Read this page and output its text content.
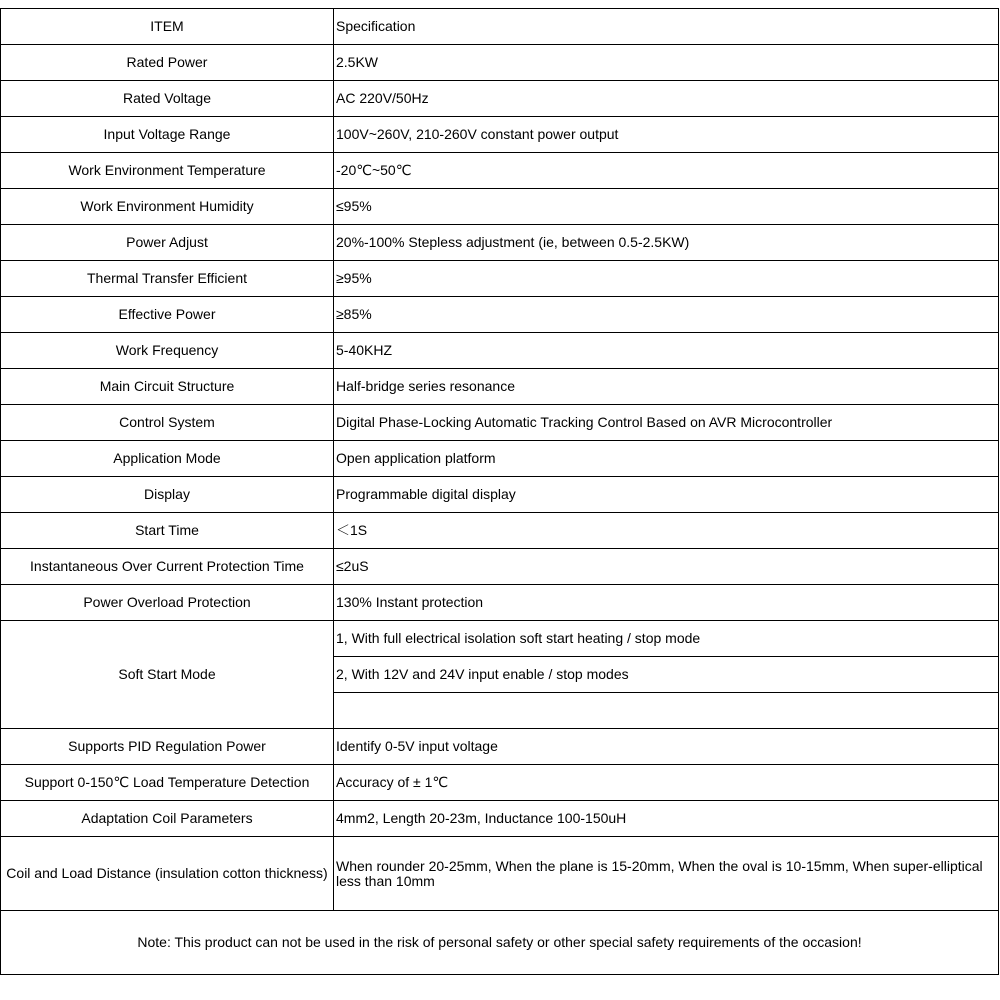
ITEM	Specification
Rated Power	2.5KW
Rated Voltage	AC 220V/50Hz
Input Voltage Range	100V~260V, 210-260V constant power output
Work Environment Temperature	-20℃~50℃
Work Environment Humidity	≤95%
Power Adjust	20%-100% Stepless adjustment (ie, between 0.5-2.5KW)
Thermal Transfer Efficient	≥95%
Effective Power	≥85%
Work Frequency	5-40KHZ
Main Circuit Structure	Half-bridge series resonance
Control System	Digital Phase-Locking Automatic Tracking Control Based on AVR Microcontroller
Application Mode	Open application platform
Display	Programmable digital display
Start Time	＜1S
Instantaneous Over Current Protection Time	≤2uS
Power Overload Protection	130% Instant protection
	1, With full electrical isolation soft start heating / stop mode
Soft Start Mode	2, With 12V and 24V input enable / stop modes

Supports PID Regulation Power	Identify 0-5V input voltage
Support 0-150℃ Load Temperature Detection	Accuracy of ± 1℃
Adaptation Coil Parameters	4mm2, Length 20-23m, Inductance 100-150uH
Coil and Load Distance (insulation cotton thickness)	When rounder 20-25mm, When the plane is 15-20mm, When the oval is 10-15mm, When super-elliptical less than 10mm
Note: This product can not be used in the risk of personal safety or other special safety requirements of the occasion!	
